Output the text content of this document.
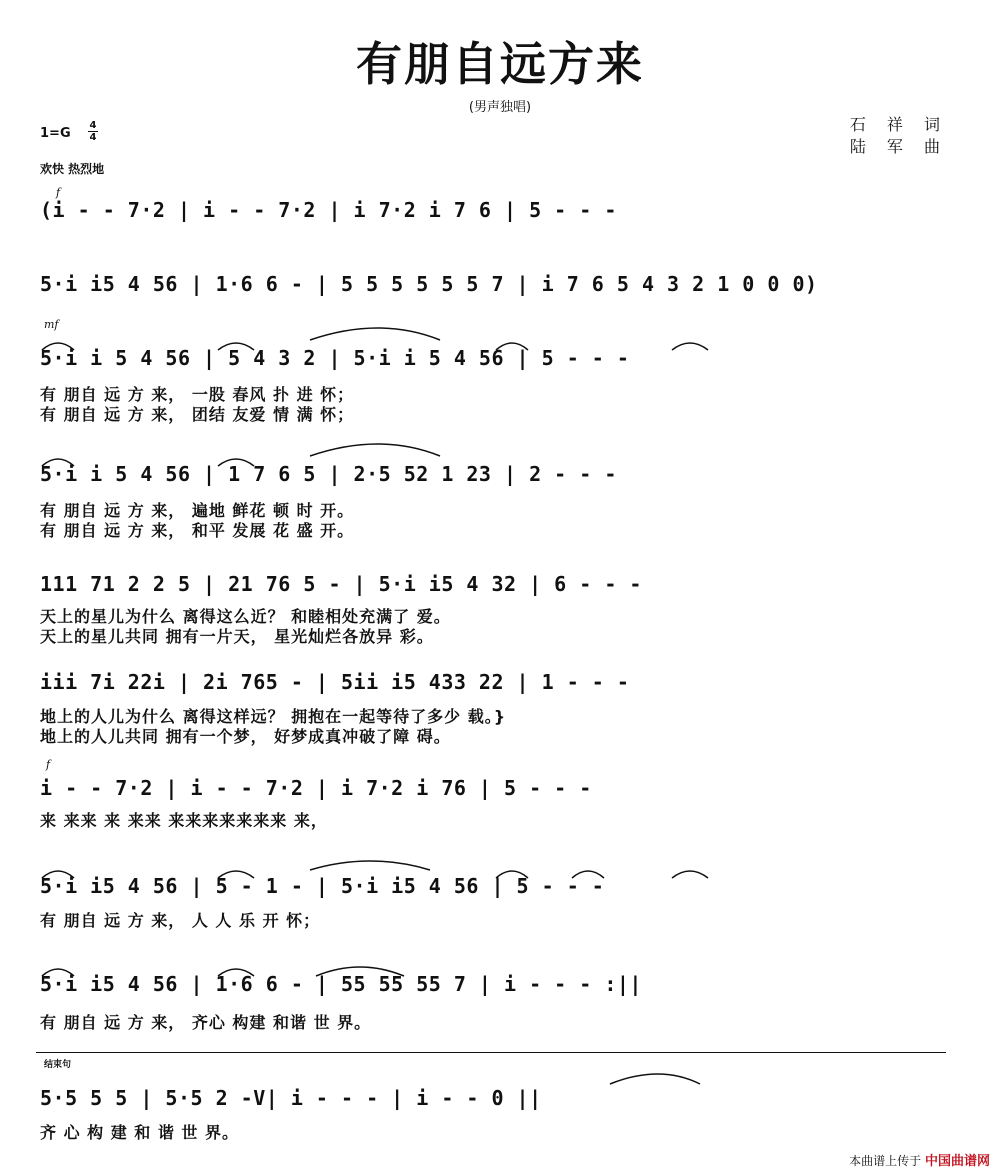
有朋自远方来
(男声独唱)
石 祥 词
陆 军 曲
1=G
4
4
欢快 热烈地
f
(i - - 7·2 | i - - 7·2 | i 7·2 i 7 6 | 5 - - -
5·i i5 4 56 | 1·6 6 - | 5 5 5 5 5 5 7 | i 7 6 5 4 3 2 1 0 0 0)
mf
5·i i 5 4 56 | 5 4 3 2 | 5·i i 5 4 56 | 5 - - -
有 朋自 远 方 来， 一股 春风 扑 进 怀；
有 朋自 远 方 来， 团结 友爱 情 满 怀；
5·i i 5 4 56 | 1 7 6 5 | 2·5 52 1 23 | 2 - - -
有 朋自 远 方 来， 遍地 鲜花 顿 时 开。
有 朋自 远 方 来， 和平 发展 花 盛 开。
111 71 2 2 5 | 21 76 5 - | 5·i i5 4 32 | 6 - - -
天上的星儿为什么 离得这么近？ 和睦相处充满了 爱。
天上的星儿共同 拥有一片天， 星光灿烂各放异 彩。
iii 7i 22i | 2i 765 - | 5ii i5 433 22 | 1 - - -
地上的人儿为什么 离得这样远？ 拥抱在一起等待了多少 载。}
地上的人儿共同 拥有一个梦， 好梦成真冲破了障 碍。
f
i - - 7·2 | i - - 7·2 | i 7·2 i 76 | 5 - - -
来 来来 来 来来 来来来来来来来 来，
5·i i5 4 56 | 5 - 1 - | 5·i i5 4 56 | 5 - - -
有 朋自 远 方 来， 人 人 乐 开 怀；
5·i i5 4 56 | 1·6 6 - | 55 55 55 7 | i - - - :||
有 朋自 远 方 来， 齐心 构建 和谐 世 界。
结束句
5·5 5 5 | 5·5 2 -V| i - - - | i - - 0 ||
齐 心 构 建 和 谐 世 界。
本曲谱上传于 中国曲谱网
